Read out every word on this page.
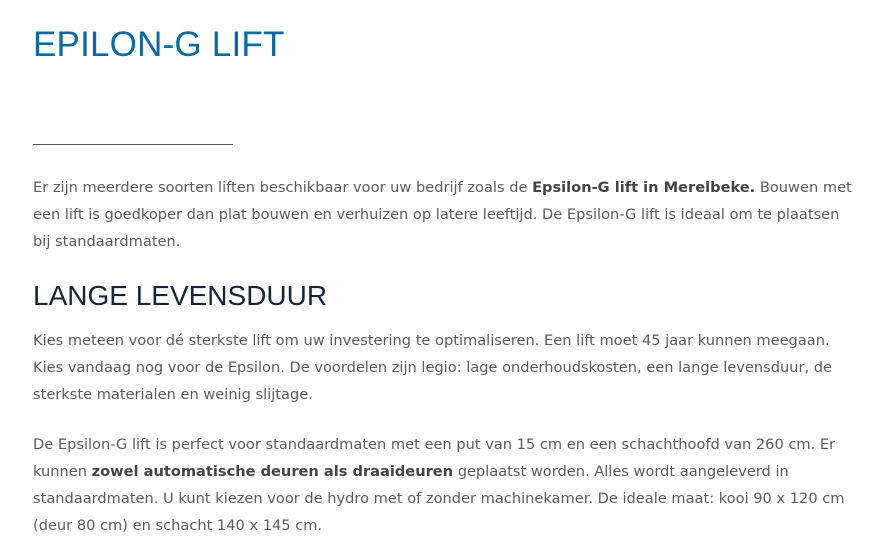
EPILON-G LIFT
Er zijn meerdere soorten liften beschikbaar voor uw bedrijf zoals de Epsilon-G lift in Merelbeke. Bouwen met
een lift is goedkoper dan plat bouwen en verhuizen op latere leeftijd. De Epsilon-G lift is ideaal om te plaatsen
bij standaardmaten.
LANGE LEVENSDUUR
Kies meteen voor dé sterkste lift om uw investering te optimaliseren. Een lift moet 45 jaar kunnen meegaan.
Kies vandaag nog voor de Epsilon. De voordelen zijn legio: lage onderhoudskosten, een lange levensduur, de
sterkste materialen en weinig slijtage.
De Epsilon-G lift is perfect voor standaardmaten met een put van 15 cm en een schachthoofd van 260 cm. Er
kunnen zowel automatische deuren als draaideuren geplaatst worden. Alles wordt aangeleverd in
standaardmaten. U kunt kiezen voor de hydro met of zonder machinekamer. De ideale maat: kooi 90 x 120 cm
(deur 80 cm) en schacht 140 x 145 cm.
